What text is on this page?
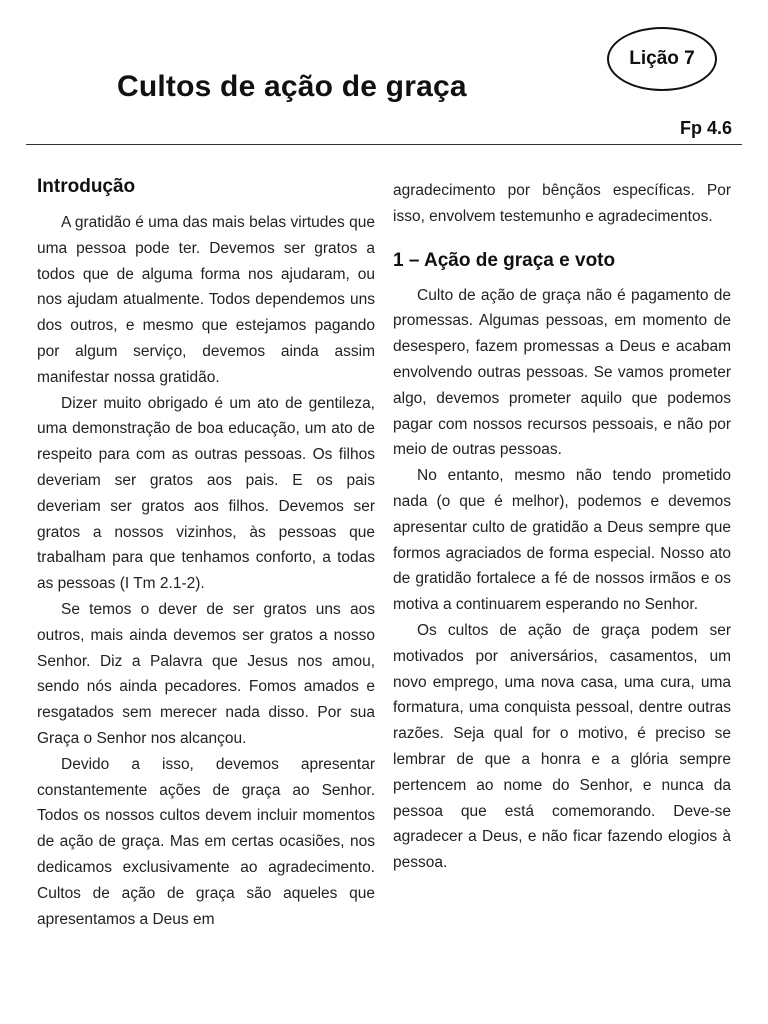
Cultos de ação de graça
Lição 7
Fp 4.6
Introdução

A gratidão é uma das mais belas virtudes que uma pessoa pode ter. Devemos ser gratos a todos que de alguma forma nos ajudaram, ou nos ajudam atualmente. Todos dependemos uns dos outros, e mesmo que estejamos pagando por algum serviço, devemos ainda assim manifestar nossa gratidão.

Dizer muito obrigado é um ato de gentileza, uma demonstração de boa educação, um ato de respeito para com as outras pessoas. Os filhos deveriam ser gratos aos pais. E os pais deveriam ser gratos aos filhos. Devemos ser gratos a nossos vizinhos, às pessoas que trabalham para que tenhamos conforto, a todas as pessoas (I Tm 2.1-2).

Se temos o dever de ser gratos uns aos outros, mais ainda devemos ser gratos a nosso Senhor. Diz a Palavra que Jesus nos amou, sendo nós ainda pecadores. Fomos amados e resgatados sem merecer nada disso. Por sua Graça o Senhor nos alcançou.

Devido a isso, devemos apresentar constantemente ações de graça ao Senhor. Todos os nossos cultos devem incluir momentos de ação de graça. Mas em certas ocasiões, nos dedicamos exclusivamente ao agradecimento. Cultos de ação de graça são aqueles que apresentamos a Deus em

agradecimento por bênçãos específicas. Por isso, envolvem testemunho e agradecimentos.

1 – Ação de graça e voto

Culto de ação de graça não é pagamento de promessas. Algumas pessoas, em momento de desespero, fazem promessas a Deus e acabam envolvendo outras pessoas. Se vamos prometer algo, devemos prometer aquilo que podemos pagar com nossos recursos pessoais, e não por meio de outras pessoas.

No entanto, mesmo não tendo prometido nada (o que é melhor), podemos e devemos apresentar culto de gratidão a Deus sempre que formos agraciados de forma especial. Nosso ato de gratidão fortalece a fé de nossos irmãos e os motiva a continuarem esperando no Senhor.

Os cultos de ação de graça podem ser motivados por aniversários, casamentos, um novo emprego, uma nova casa, uma cura, uma formatura, uma conquista pessoal, dentre outras razões. Seja qual for o motivo, é preciso se lembrar de que a honra e a glória sempre pertencem ao nome do Senhor, e nunca da pessoa que está comemorando. Deve-se agradecer a Deus, e não ficar fazendo elogios à pessoa.
